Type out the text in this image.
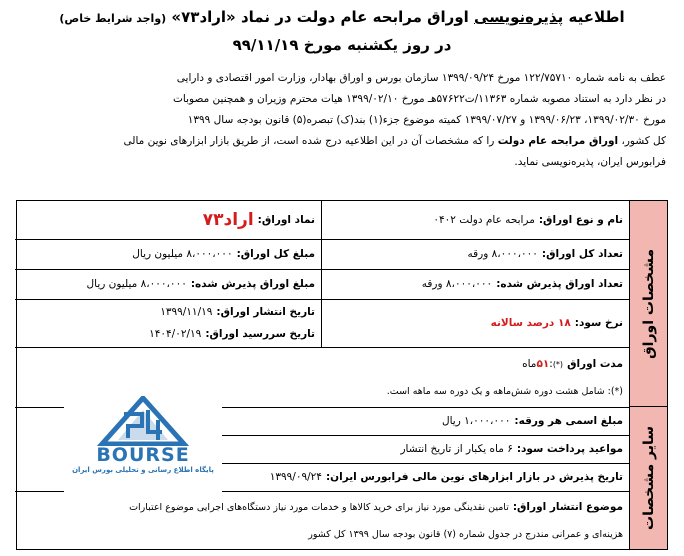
اطلاعیه پذیره‌نویسی اوراق مرابحه عام دولت در نماد «اراد۷۳» (واجد شرایط خاص)
در روز یکشنبه مورخ ۹۹/۱۱/۱۹
عطف به نامه شماره ۱۲۲/۷۵۷۱۰ مورخ ۱۳۹۹/۰۹/۲۴ سازمان بورس و اوراق بهادار، وزارت امور اقتصادی و دارایی
در نظر دارد به استناد مصوبه شماره ۱۱۳۶۳/ت۵۷۶۲۲هـ مورخ ۱۳۹۹/۰۲/۱۰ هیات محترم وزیران و همچنین مصوبات
مورخ ۱۳۹۹/۰۲/۳۰، ۱۳۹۹/۰۶/۲۳ و ۱۳۹۹/۰۷/۲۷ کمیته موضوع جزء(۱) بند(ک) تبصره(۵) قانون بودجه سال ۱۳۹۹
کل کشور، اوراق مرابحه عام دولت را که مشخصات آن در این اطلاعیه درج شده است، از طریق بازار ابزارهای نوین مالی
فرابورس ایران، پذیره‌نویسی نماید.
مشخصات اوراق
سایر مشخصات
نام و نوع اوراق:
مرابحه عام دولت ۰۴۰۲
نماد اوراق:
اراد۷۳
تعداد کل اوراق:
۸،۰۰۰،۰۰۰ ورقه
مبلغ کل اوراق:
۸،۰۰۰،۰۰۰ میلیون ریال
تعداد اوراق پذیرش شده:
۸،۰۰۰،۰۰۰ ورقه
مبلغ اوراق پذیرش شده:
۸،۰۰۰،۰۰۰ میلیون ریال
نرخ سود:
۱۸ درصد سالانه
تاریخ انتشار اوراق:
۱۳۹۹/۱۱/۱۹
تاریخ سررسید اوراق:
۱۴۰۴/۰۲/۱۹
مدت اوراق
(*)
:
۵۱
ماه
(*): شامل هشت دوره شش‌ماهه و یک دوره سه ماهه است.
مبلغ اسمی هر ورقه:
۱،۰۰۰،۰۰۰ ریال
مواعید پرداخت سود:
۶ ماه یکبار از تاریخ انتشار
تاریخ پذیرش در بازار ابزارهای نوین مالی فرابورس ایران:
۱۳۹۹/۰۹/۲۴
موضوع انتشار اوراق:
تامین نقدینگی مورد نیاز برای خرید کالاها و خدمات مورد نیاز دستگاه‌های اجرایی موضوع اعتبارات
هزینه‌ای و عمرانی مندرج در جدول شماره (۷) قانون بودجه سال ۱۳۹۹ کل کشور
BOURSE
پایگاه اطلاع رسانی و تحلیلی بورس ایران
